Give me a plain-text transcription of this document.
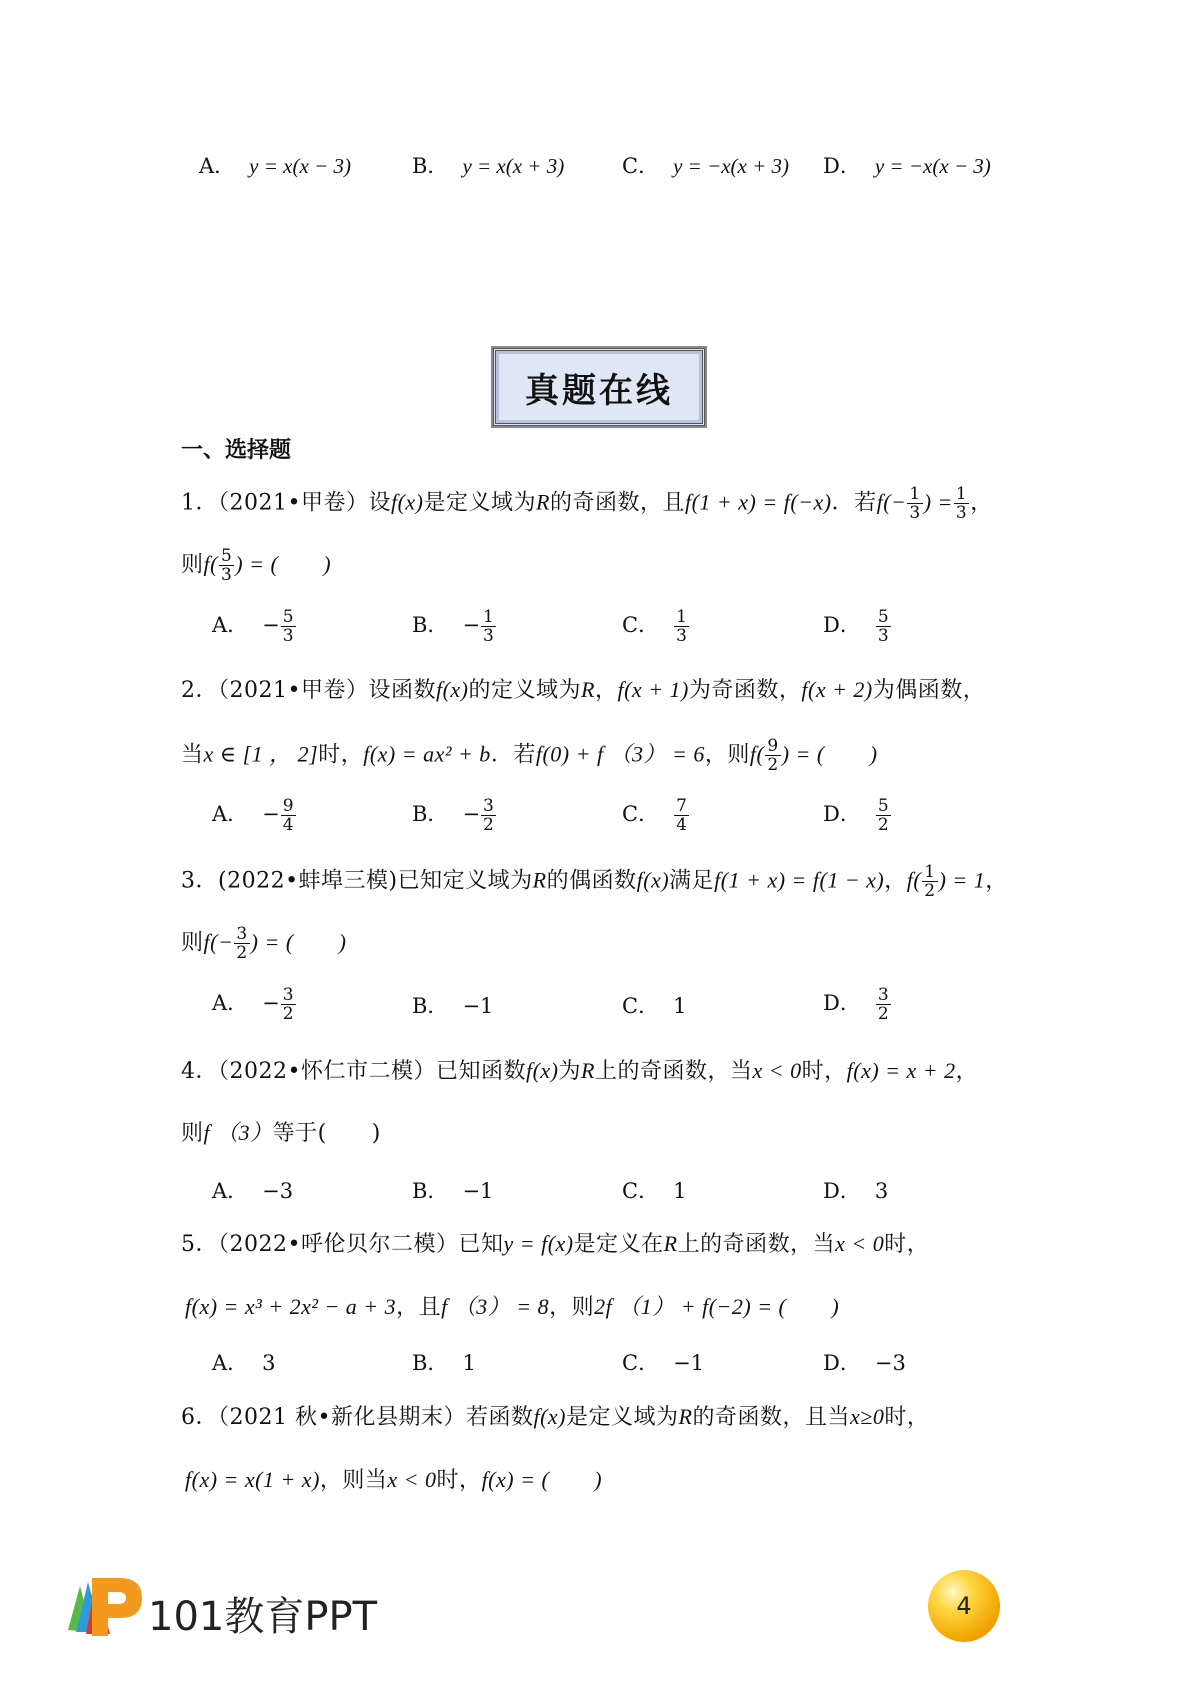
A． y = x(x − 3)	B． y = x(x + 3)	C． y = −x(x + 3) D． y = −x(x − 3)
真题在线
一、选择题
1．（2021•甲卷）设f(x)是定义域为R的奇函数，且f(1 + x) = f(−x)．若$f(- \frac{1}{3}$ ) = $\frac{1}{3}$ ，
则$f( \frac{5}{3}$ ) = (　　)
A． − $\frac{5}{3}$	B． − $\frac{1}{3}$	C． $\frac{1}{3}$	D． $\frac{5}{3}$
2．（2021•甲卷）设函数f(x)的定义域为R，f(x + 1)为奇函数，f(x + 2)为偶函数，
当x ∈ [1 ， 2]时，f(x) = ax² + b．若f(0) + f （3） = 6，则$f( \frac{9}{2}$ ) = (　　)
A． − $\frac{9}{4}$	B． − $\frac{3}{2}$	C． $\frac{7}{4}$	D． $\frac{5}{2}$
3．(2022•蚌埠三模)已知定义域为R的偶函数f(x)满足f(1 + x) = f(1 − x)，$f( \frac{1}{2}$ ) = 1，
则$f(- \frac{3}{2}$ ) = (　　)
A． − $\frac{3}{2}$	B． −1	C． 1	D． $\frac{3}{2}$
4．（2022•怀仁市二模）已知函数f(x)为R上的奇函数，当x < 0时，f(x) = x + 2，
则f （3）等于(　　)
A． −3	B． −1	C． 1	D． 3
5．（2022•呼伦贝尔二模）已知y = f(x)是定义在R上的奇函数，当x < 0时，
f(x) = x³ + 2x² − a + 3，且f （3） = 8，则2f （1） + f(−2) = (　　)
A． 3	B． 1	C． −1	D． −3
6．（2021 秋•新化县期末）若函数f(x)是定义域为R的奇函数，且当x≥0时，
f(x) = x(1 + x)，则当x < 0时，f(x) = (　　)
101教育PPT	4
